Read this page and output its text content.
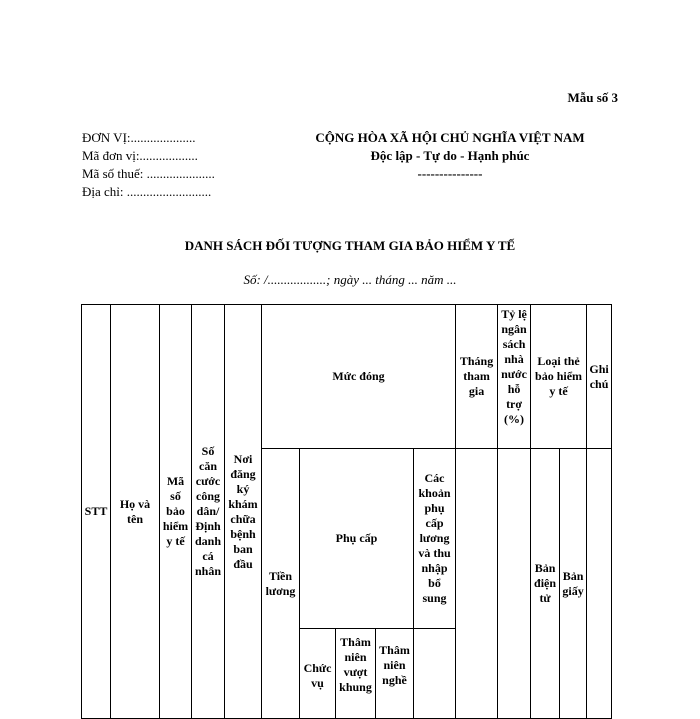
Mẫu số 3
ĐƠN VỊ:....................
Mã đơn vị:..................
Mã số thuế: .....................
Địa chỉ: ..........................
CỘNG HÒA XÃ HỘI CHỦ NGHĨA VIỆT NAM
Độc lập - Tự do - Hạnh phúc
---------------
DANH SÁCH ĐỐI TƯỢNG THAM GIA BẢO HIỂM Y TẾ
Số: /..................; ngày ... tháng ... năm ...
STT	Họ và tên	Mã số bảo hiểm y tế	Số căn cước công dân/ Định danh cá nhân	Nơi đăng ký khám chữa bệnh ban đầu	Mức đóng					Tháng tham gia	Tỷ lệ ngân sách nhà nước hỗ trợ (%)	Loại thẻ bảo hiểm y tế		Ghi chú
					Tiền lương	Phụ cấp			Các khoản phụ cấp lương và thu nhập bổ sung			Bản điện tử	Bản giấy	
						Chức vụ	Thâm niên vượt khung	Thâm niên nghề						
